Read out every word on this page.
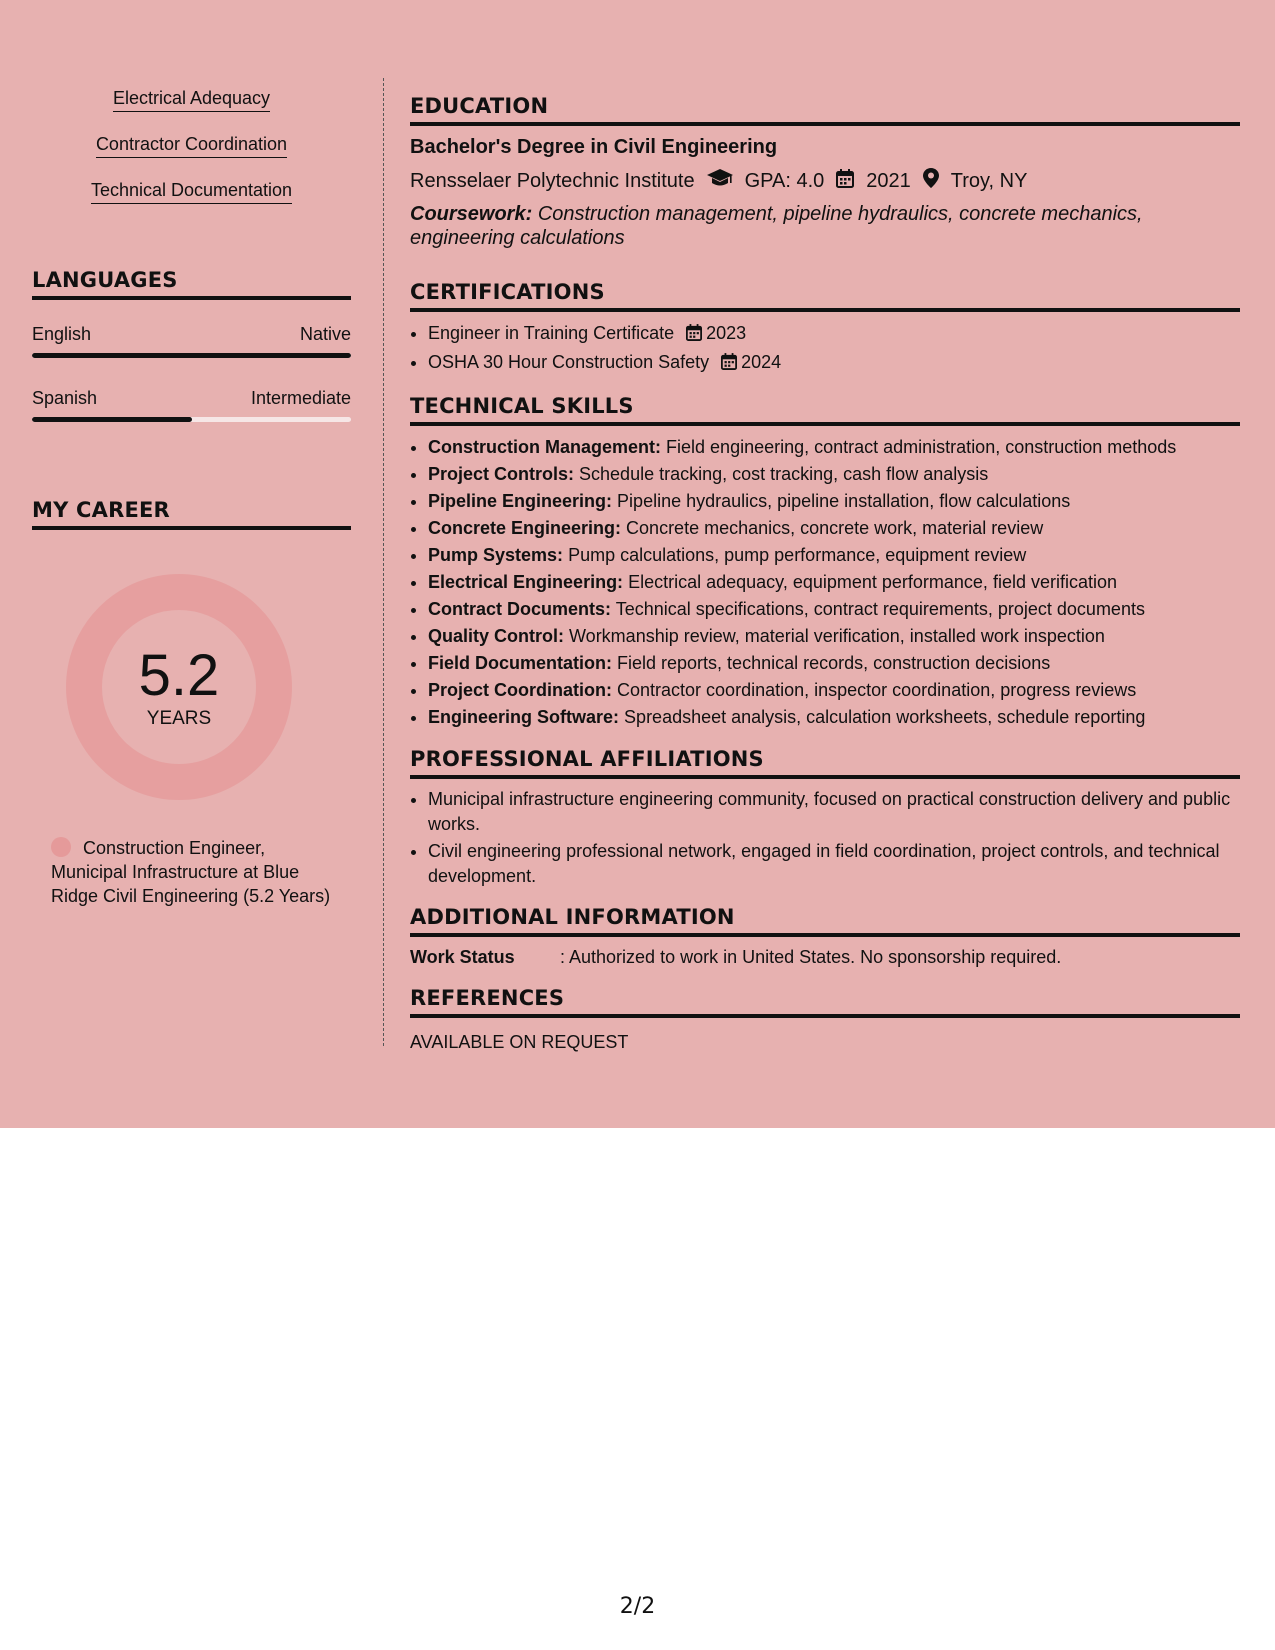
Electrical Adequacy
Contractor Coordination
Technical Documentation
LANGUAGES
English	Native
Spanish	Intermediate
MY CAREER
5.2
YEARS
Construction Engineer, Municipal Infrastructure at Blue Ridge Civil Engineering (5.2 Years)
EDUCATION
Bachelor's Degree in Civil Engineering
Rensselaer Polytechnic Institute	GPA: 4.0 2021 Troy, NY
Coursework: Construction management, pipeline hydraulics, concrete mechanics, engineering calculations
CERTIFICATIONS
• Engineer in Training Certificate 2023
• OSHA 30 Hour Construction Safety 2024
TECHNICAL SKILLS
• Construction Management: Field engineering, contract administration, construction methods
• Project Controls: Schedule tracking, cost tracking, cash flow analysis
• Pipeline Engineering: Pipeline hydraulics, pipeline installation, flow calculations
• Concrete Engineering: Concrete mechanics, concrete work, material review
• Pump Systems: Pump calculations, pump performance, equipment review
• Electrical Engineering: Electrical adequacy, equipment performance, field verification
• Contract Documents: Technical specifications, contract requirements, project documents
• Quality Control: Workmanship review, material verification, installed work inspection
• Field Documentation: Field reports, technical records, construction decisions
• Project Coordination: Contractor coordination, inspector coordination, progress reviews
• Engineering Software: Spreadsheet analysis, calculation worksheets, schedule reporting
PROFESSIONAL AFFILIATIONS
• Municipal infrastructure engineering community, focused on practical construction delivery and public works.
• Civil engineering professional network, engaged in field coordination, project controls, and technical development.
ADDITIONAL INFORMATION
Work Status	: Authorized to work in United States. No sponsorship required.
REFERENCES
AVAILABLE ON REQUEST
2/2
